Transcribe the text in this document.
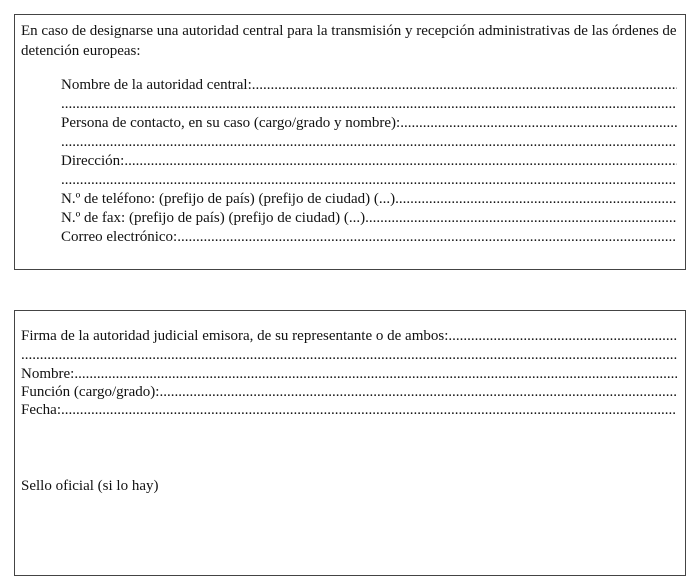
En caso de designarse una autoridad central para la transmisión y recepción administrativas de las órdenes de detención europeas:

Nombre de la autoridad central:
.....
.....
Persona de contacto, en su caso (cargo/grado y nombre):
.....
.....
Dirección:
.....
.....
N.º de teléfono: (prefijo de país) (prefijo de ciudad) (...)
.....
N.º de fax: (prefijo de país) (prefijo de ciudad) (...)
.....
Correo electrónico:
.....
Firma de la autoridad judicial emisora, de su representante o de ambos:
.....
.....
Nombre:
.....
Función (cargo/grado):
.....
Fecha:
.....
Sello oficial (si lo hay)
